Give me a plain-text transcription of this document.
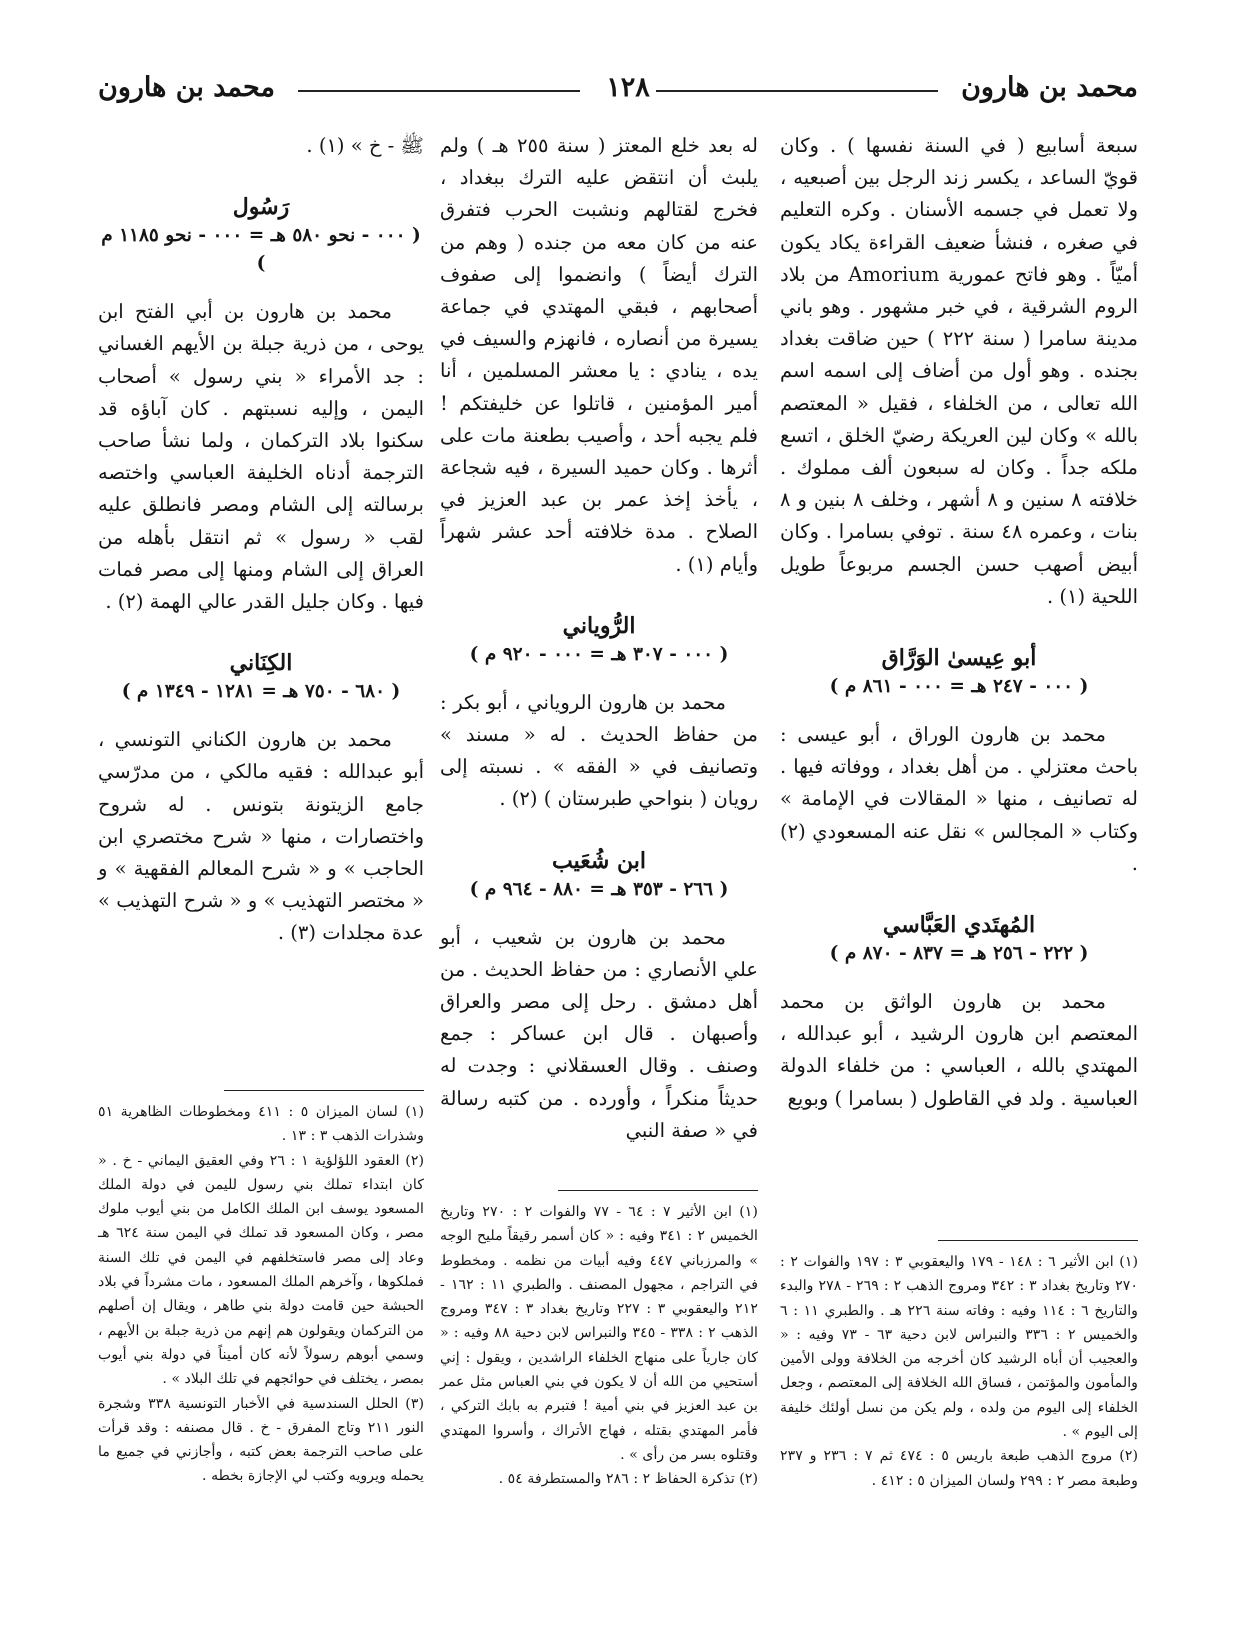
محمد بن هارون
١٢٨
محمد بن هارون

سبعة أسابيع ( في السنة نفسها ) . وكان قويّ الساعد ، يكسر زند الرجل بين أصبعيه ، ولا تعمل في جسمه الأسنان . وكره التعليم في صغره ، فنشأ ضعيف القراءة يكاد يكون أميّاً . وهو فاتح عمورية Amorium من بلاد الروم الشرقية ، في خبر مشهور . وهو باني مدينة سامرا ( سنة ٢٢٢ ) حين ضاقت بغداد بجنده . وهو أول من أضاف إلى اسمه اسم الله تعالى ، من الخلفاء ، فقيل « المعتصم بالله » وكان لين العريكة رضيّ الخلق ، اتسع ملكه جداً . وكان له سبعون ألف مملوك . خلافته ٨ سنين و ٨ أشهر ، وخلف ٨ بنين و ٨ بنات ، وعمره ٤٨ سنة . توفي بسامرا . وكان أبيض أصهب حسن الجسم مربوعاً طويل اللحية (١) .

أبو عِيسىٰ الوَرَّاق
( ٠٠٠ - ٢٤٧ هـ = ٠٠٠ - ٨٦١ م )

محمد بن هارون الوراق ، أبو عيسى : باحث معتزلي . من أهل بغداد ، ووفاته فيها . له تصانيف ، منها « المقالات في الإمامة » وكتاب « المجالس » نقل عنه المسعودي (٢) .

المُهتَدي العَبَّاسي
( ٢٢٢ - ٢٥٦ هـ = ٨٣٧ - ٨٧٠ م )

محمد بن هارون الواثق بن محمد المعتصم ابن هارون الرشيد ، أبو عبدالله ، المهتدي بالله ، العباسي : من خلفاء الدولة العباسية . ولد في القاطول ( بسامرا ) وبويع

له بعد خلع المعتز ( سنة ٢٥٥ هـ ) ولم يلبث أن انتقض عليه الترك ببغداد ، فخرج لقتالهم ونشبت الحرب فتفرق عنه من كان معه من جنده ( وهم من الترك أيضاً ) وانضموا إلى صفوف أصحابهم ، فبقي المهتدي في جماعة يسيرة من أنصاره ، فانهزم والسيف في يده ، ينادي : يا معشر المسلمين ، أنا أمير المؤمنين ، قاتلوا عن خليفتكم ! فلم يجبه أحد ، وأصيب بطعنة مات على أثرها . وكان حميد السيرة ، فيه شجاعة ، يأخذ إخذ عمر بن عبد العزيز في الصلاح . مدة خلافته أحد عشر شهراً وأيام (١) .

الرُّوياني
( ٠٠٠ - ٣٠٧ هـ = ٠٠٠ - ٩٢٠ م )

محمد بن هارون الروياني ، أبو بكر : من حفاظ الحديث . له « مسند » وتصانيف في « الفقه » . نسبته إلى رويان ( بنواحي طبرستان ) (٢) .

ابن شُعَيب
( ٢٦٦ - ٣٥٣ هـ = ٨٨٠ - ٩٦٤ م )

محمد بن هارون بن شعيب ، أبو علي الأنصاري : من حفاظ الحديث . من أهل دمشق . رحل إلى مصر والعراق وأصبهان . قال ابن عساكر : جمع وصنف . وقال العسقلاني : وجدت له حديثاً منكراً ، وأورده . من كتبه رسالة في « صفة النبي

ﷺ - خ » (١) .

رَسُول
( ٠٠٠ - نحو ٥٨٠ هـ = ٠٠٠ - نحو ١١٨٥ م )

محمد بن هارون بن أبي الفتح ابن يوحى ، من ذرية جبلة بن الأيهم الغساني : جد الأمراء « بني رسول » أصحاب اليمن ، وإليه نسبتهم . كان آباؤه قد سكنوا بلاد التركمان ، ولما نشأ صاحب الترجمة أدناه الخليفة العباسي واختصه برسالته إلى الشام ومصر فانطلق عليه لقب « رسول » ثم انتقل بأهله من العراق إلى الشام ومنها إلى مصر فمات فيها . وكان جليل القدر عالي الهمة (٢) .

الكِنَاني
( ٦٨٠ - ٧٥٠ هـ = ١٢٨١ - ١٣٤٩ م )

محمد بن هارون الكناني التونسي ، أبو عبدالله : فقيه مالكي ، من مدرّسي جامع الزيتونة بتونس . له شروح واختصارات ، منها « شرح مختصري ابن الحاجب » و « شرح المعالم الفقهية » و « مختصر التهذيب » و « شرح التهذيب » عدة مجلدات (٣) .

(١) ابن الأثير ٦ : ١٤٨ - ١٧٩ واليعقوبي ٣ : ١٩٧ والفوات ٢ : ٢٧٠ وتاريخ بغداد ٣ : ٣٤٢ ومروج الذهب ٢ : ٢٦٩ - ٢٧٨ والبدء والتاريخ ٦ : ١١٤ وفيه : وفاته سنة ٢٢٦ هـ . والطبري ١١ : ٦ والخميس ٢ : ٣٣٦ والنبراس لابن دحية ٦٣ - ٧٣ وفيه : « والعجيب أن أباه الرشيد كان أخرجه من الخلافة وولى الأمين والمأمون والمؤتمن ، فساق الله الخلافة إلى المعتصم ، وجعل الخلفاء إلى اليوم من ولده ، ولم يكن من نسل أولئك خليفة إلى اليوم » .

(٢) مروج الذهب طبعة باريس ٥ : ٤٧٤ ثم ٧ : ٢٣٦ و ٢٣٧ وطبعة مصر ٢ : ٢٩٩ ولسان الميزان ٥ : ٤١٢ .

(١) ابن الأثير ٧ : ٦٤ - ٧٧ والفوات ٢ : ٢٧٠ وتاريخ الخميس ٢ : ٣٤١ وفيه : « كان أسمر رقيقاً مليح الوجه » والمرزباني ٤٤٧ وفيه أبيات من نظمه . ومخطوط في التراجم ، مجهول المصنف . والطبري ١١ : ١٦٢ - ٢١٢ واليعقوبي ٣ : ٢٢٧ وتاريخ بغداد ٣ : ٣٤٧ ومروج الذهب ٢ : ٣٣٨ - ٣٤٥ والنبراس لابن دحية ٨٨ وفيه : « كان جارياً على منهاج الخلفاء الراشدين ، ويقول : إني أستحيي من الله أن لا يكون في بني العباس مثل عمر بن عبد العزيز في بني أمية ! فتبرم به بابك التركي ، فأمر المهتدي بقتله ، فهاج الأتراك ، وأسروا المهتدي وقتلوه بسر من رأى » .

(٢) تذكرة الحفاظ ٢ : ٢٨٦ والمستطرفة ٥٤ .

(١) لسان الميزان ٥ : ٤١١ ومخطوطات الظاهرية ٥١ وشذرات الذهب ٣ : ١٣ .

(٢) العقود اللؤلؤية ١ : ٢٦ وفي العقيق اليماني - خ . « كان ابتداء تملك بني رسول لليمن في دولة الملك المسعود يوسف ابن الملك الكامل من بني أيوب ملوك مصر ، وكان المسعود قد تملك في اليمن سنة ٦٢٤ هـ وعاد إلى مصر فاستخلفهم في اليمن في تلك السنة فملكوها ، وآخرهم الملك المسعود ، مات مشرداً في بلاد الحبشة حين قامت دولة بني طاهر ، ويقال إن أصلهم من التركمان ويقولون هم إنهم من ذرية جبلة بن الأيهم ، وسمي أبوهم رسولاً لأنه كان أميناً في دولة بني أيوب بمصر ، يختلف في حوائجهم في تلك البلاد » .

(٣) الحلل السندسية في الأخبار التونسية ٣٣٨ وشجرة النور ٢١١ وتاج المفرق - خ . قال مصنفه : وقد قرأت على صاحب الترجمة بعض كتبه ، وأجازني في جميع ما يحمله ويرويه وكتب لي الإجازة بخطه .
